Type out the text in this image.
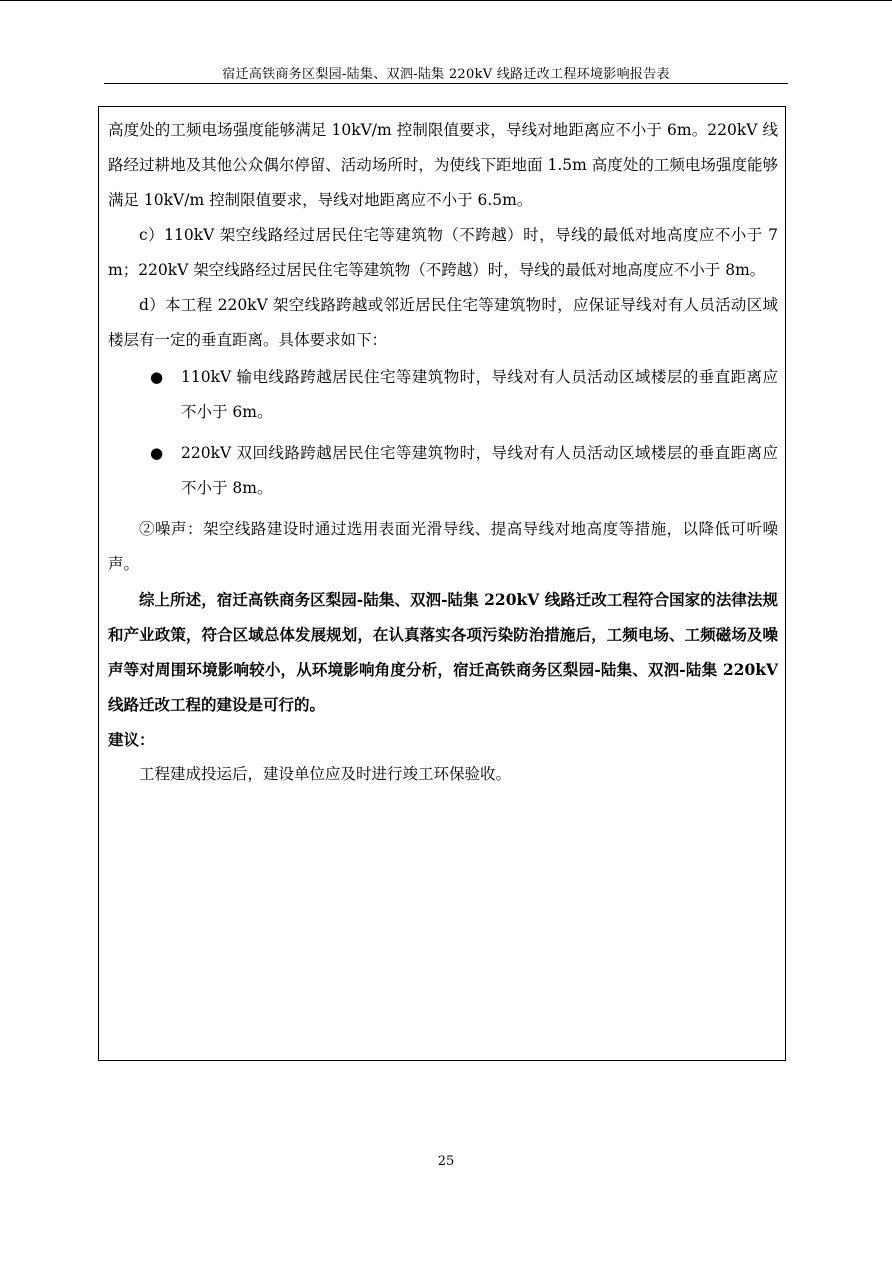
宿迁高铁商务区梨园-陆集、双泗-陆集 220kV 线路迁改工程环境影响报告表

高度处的工频电场强度能够满足 10kV/m 控制限值要求，导线对地距离应不小于 6m。220kV 线路经过耕地及其他公众偶尔停留、活动场所时，为使线下距地面 1.5m 高度处的工频电场强度能够满足 10kV/m 控制限值要求，导线对地距离应不小于 6.5m。

c）110kV 架空线路经过居民住宅等建筑物（不跨越）时，导线的最低对地高度应不小于 7m；220kV 架空线路经过居民住宅等建筑物（不跨越）时，导线的最低对地高度应不小于 8m。

d）本工程 220kV 架空线路跨越或邻近居民住宅等建筑物时，应保证导线对有人员活动区域楼层有一定的垂直距离。具体要求如下：

● 110kV 输电线路跨越居民住宅等建筑物时，导线对有人员活动区域楼层的垂直距离应不小于 6m。

● 220kV 双回线路跨越居民住宅等建筑物时，导线对有人员活动区域楼层的垂直距离应不小于 8m。

②噪声：架空线路建设时通过选用表面光滑导线、提高导线对地高度等措施，以降低可听噪声。

综上所述，宿迁高铁商务区梨园-陆集、双泗-陆集 220kV 线路迁改工程符合国家的法律法规和产业政策，符合区域总体发展规划，在认真落实各项污染防治措施后，工频电场、工频磁场及噪声等对周围环境影响较小，从环境影响角度分析，宿迁高铁商务区梨园-陆集、双泗-陆集 220kV 线路迁改工程的建设是可行的。

建议：

工程建成投运后，建设单位应及时进行竣工环保验收。

25
